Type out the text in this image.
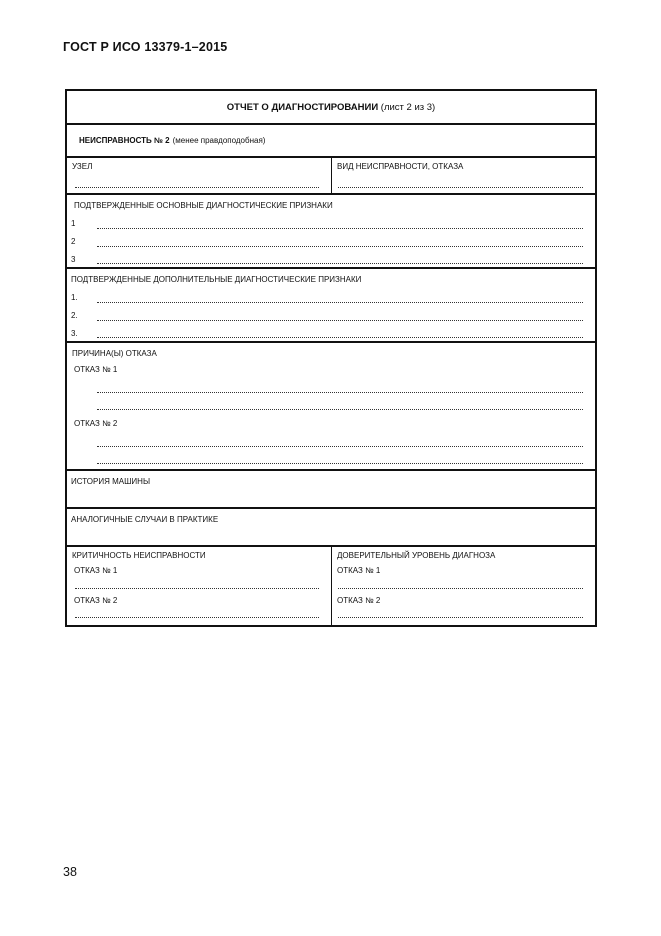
ГОСТ Р ИСО 13379-1–2015
ОТЧЕТ О ДИАГНОСТИРОВАНИИ
(лист 2 из 3)
НЕИСПРАВНОСТЬ № 2 (менее правдоподобная)
УЗЕЛ	ВИД НЕИСПРАВНОСТИ, ОТКАЗА
ПОДТВЕРЖДЕННЫЕ ОСНОВНЫЕ ДИАГНОСТИЧЕСКИЕ ПРИЗНАКИ
1
2
3
ПОДТВЕРЖДЕННЫЕ ДОПОЛНИТЕЛЬНЫЕ ДИАГНОСТИЧЕСКИЕ ПРИЗНАКИ
1.
2.
3.
ПРИЧИНА(Ы) ОТКАЗА
ОТКАЗ № 1
ОТКАЗ № 2
ИСТОРИЯ МАШИНЫ
АНАЛОГИЧНЫЕ СЛУЧАИ В ПРАКТИКЕ
КРИТИЧНОСТЬ НЕИСПРАВНОСТИ
ОТКАЗ № 1
ОТКАЗ № 2
ДОВЕРИТЕЛЬНЫЙ УРОВЕНЬ ДИАГНОЗА
ОТКАЗ № 1
ОТКАЗ № 2
38
